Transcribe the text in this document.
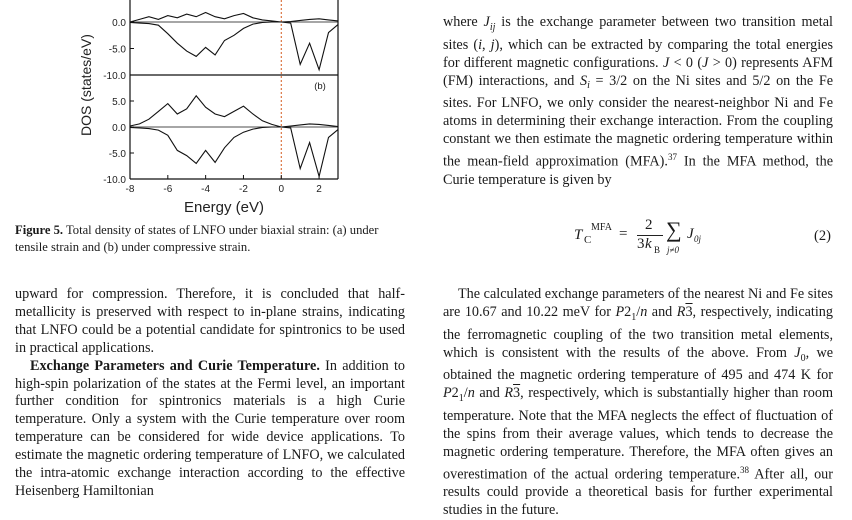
0.0
-5.0
-10.0
5.0
0.0
-5.0
-10.0
-8	-6	-4	-2	0	2
(b)
Energy (eV)
DOS (states/eV)
Figure 5. Total density of states of LNFO under biaxial strain: (a) under tensile strain and (b) under compressive strain.

upward for compression. Therefore, it is concluded that half-metallicity is preserved with respect to in-plane strains, indicating that LNFO could be a potential candidate for spintronics to be used in practical applications.

Exchange Parameters and Curie Temperature. In addition to high-spin polarization of the states at the Fermi level, an important further condition for spintronics materials is a high Curie temperature. Only a system with the Curie temperature over room temperature can be considered for wide device applications. To estimate the magnetic ordering temperature of LNFO, we calculated the intra-atomic exchange interaction according to the effective Heisenberg Hamiltonian

where $J_{ij}$ is the exchange parameter between two transition metal sites (i, j), which can be extracted by comparing the total energies for different magnetic configurations. J < 0 (J > 0) represents AFM (FM) interactions, and $S_i = 3/2$ on the Ni sites and 5/2 on the Fe sites. For LNFO, we only consider the nearest-neighbor Ni and Fe atoms in determining their exchange interaction. From the coupling constant we then estimate the magnetic ordering temperature within the mean-field approximation (MFA).$^{37}$ In the MFA method, the Curie temperature is given by

T C
MFA =
2
3 k B
∑
j≠0
J 0j	(2)

The calculated exchange parameters of the nearest Ni and Fe sites are 10.67 and 10.22 meV for $P2_1/n$ and R3, respectively, indicating the ferromagnetic coupling of the two transition metal elements, which is consistent with the results of the above. From $J_0$, we obtained the magnetic ordering temperature of 495 and 474 K for $P2_1/n$ and R3, respectively, which is substantially higher than room temperature. Note that the MFA neglects the effect of fluctuation of the spins from their average values, which tends to decrease the magnetic ordering temperature. Therefore, the MFA often gives an overestimation of the actual ordering temperature.$^{38}$ After all, our results could provide a theoretical basis for further experimental studies in the future.
